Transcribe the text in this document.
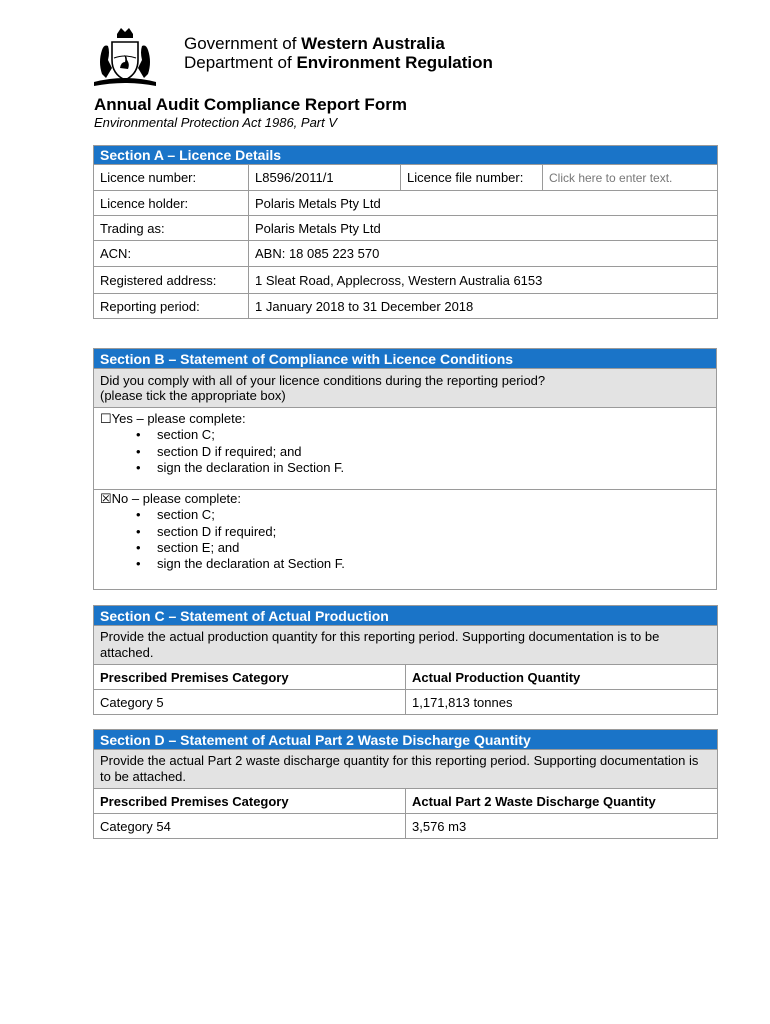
Government of Western Australia
Department of Environment Regulation
Annual Audit Compliance Report Form
Environmental Protection Act 1986, Part V
Section A – Licence Details			
Licence number:	L8596/2011/1	Licence file number:	Click here to enter text.
Licence holder:	Polaris Metals Pty Ltd		
Trading as:	Polaris Metals Pty Ltd		
ACN:	ABN: 18 085 223 570		
Registered address:	1 Sleat Road, Applecross, Western Australia 6153		
Reporting period:	1 January 2018 to 31 December 2018		
Section B – Statement of Compliance with Licence Conditions

Did you comply with all of your licence conditions during the reporting period?
(please tick the appropriate box)

☐Yes – please complete:
• section C;
• section D if required; and
• sign the declaration in Section F.

☒No – please complete:
• section C;
• section D if required;
• section E; and
• sign the declaration at Section F.
Section C – Statement of Actual Production	
Provide the actual production quantity for this reporting period. Supporting documentation is to be attached.	
Prescribed Premises Category	Actual Production Quantity
Category 5	1,171,813 tonnes
Section D – Statement of Actual Part 2 Waste Discharge Quantity	
Provide the actual Part 2 waste discharge quantity for this reporting period. Supporting documentation is to be attached.	
Prescribed Premises Category	Actual Part 2 Waste Discharge Quantity
Category 54	3,576 m3
